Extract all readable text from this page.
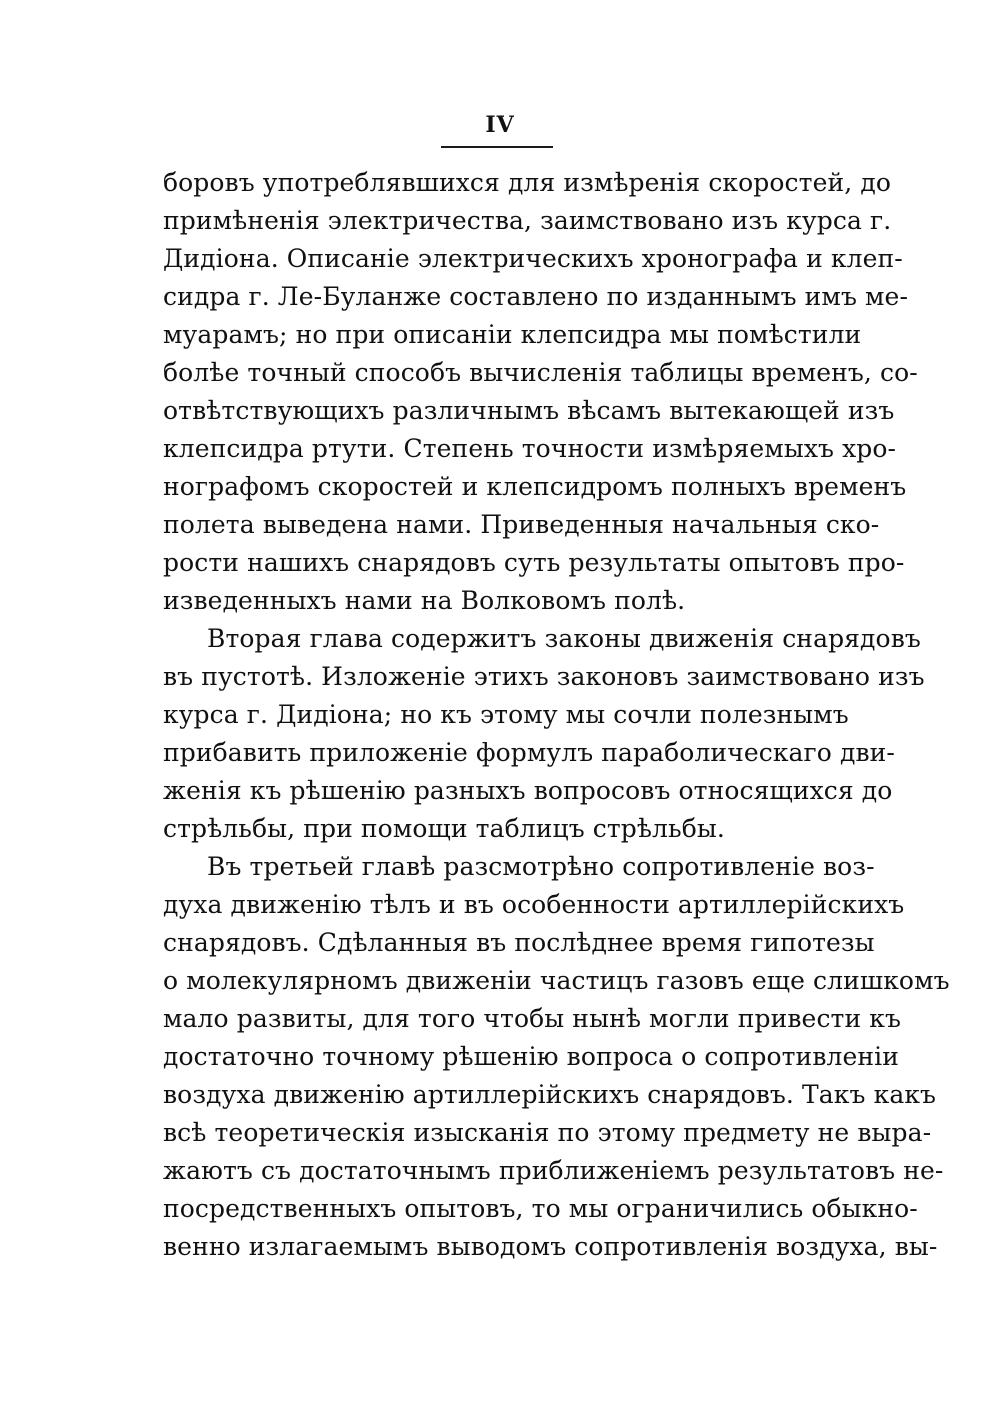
IV
боровъ употреблявшихся для измѣренія скоростей, до
примѣненія электричества, заимствовано изъ курса г.
Дидіона. Описаніе электрическихъ хронографа и клеп-
сидра г. Ле-Буланже составлено по изданнымъ имъ ме-
муарамъ; но при описаніи клепсидра мы помѣстили
болѣе точный способъ вычисленія таблицы временъ, со-
отвѣтствующихъ различнымъ вѣсамъ вытекающей изъ
клепсидра ртути. Степень точности измѣряемыхъ хро-
нографомъ скоростей и клепсидромъ полныхъ временъ
полета выведена нами. Приведенныя начальныя ско-
рости нашихъ снарядовъ суть результаты опытовъ про-
изведенныхъ нами на Волковомъ полѣ.
Вторая глава содержитъ законы движенія снарядовъ
въ пустотѣ. Изложеніе этихъ законовъ заимствовано изъ
курса г. Дидіона; но къ этому мы сочли полезнымъ
прибавить приложеніе формулъ параболическаго дви-
женія къ рѣшенію разныхъ вопросовъ относящихся до
стрѣльбы, при помощи таблицъ стрѣльбы.
Въ третьей главѣ разсмотрѣно сопротивленіе воз-
духа движенію тѣлъ и въ особенности артиллерійскихъ
снарядовъ. Сдѣланныя въ послѣднее время гипотезы
о молекулярномъ движеніи частицъ газовъ еще слишкомъ
мало развиты, для того чтобы нынѣ могли привести къ
достаточно точному рѣшенію вопроса о сопротивленіи
воздуха движенію артиллерійскихъ снарядовъ. Такъ какъ
всѣ теоретическія изысканія по этому предмету не выра-
жаютъ съ достаточнымъ приближеніемъ результатовъ не-
посредственныхъ опытовъ, то мы ограничились обыкно-
венно излагаемымъ выводомъ сопротивленія воздуха, вы-
